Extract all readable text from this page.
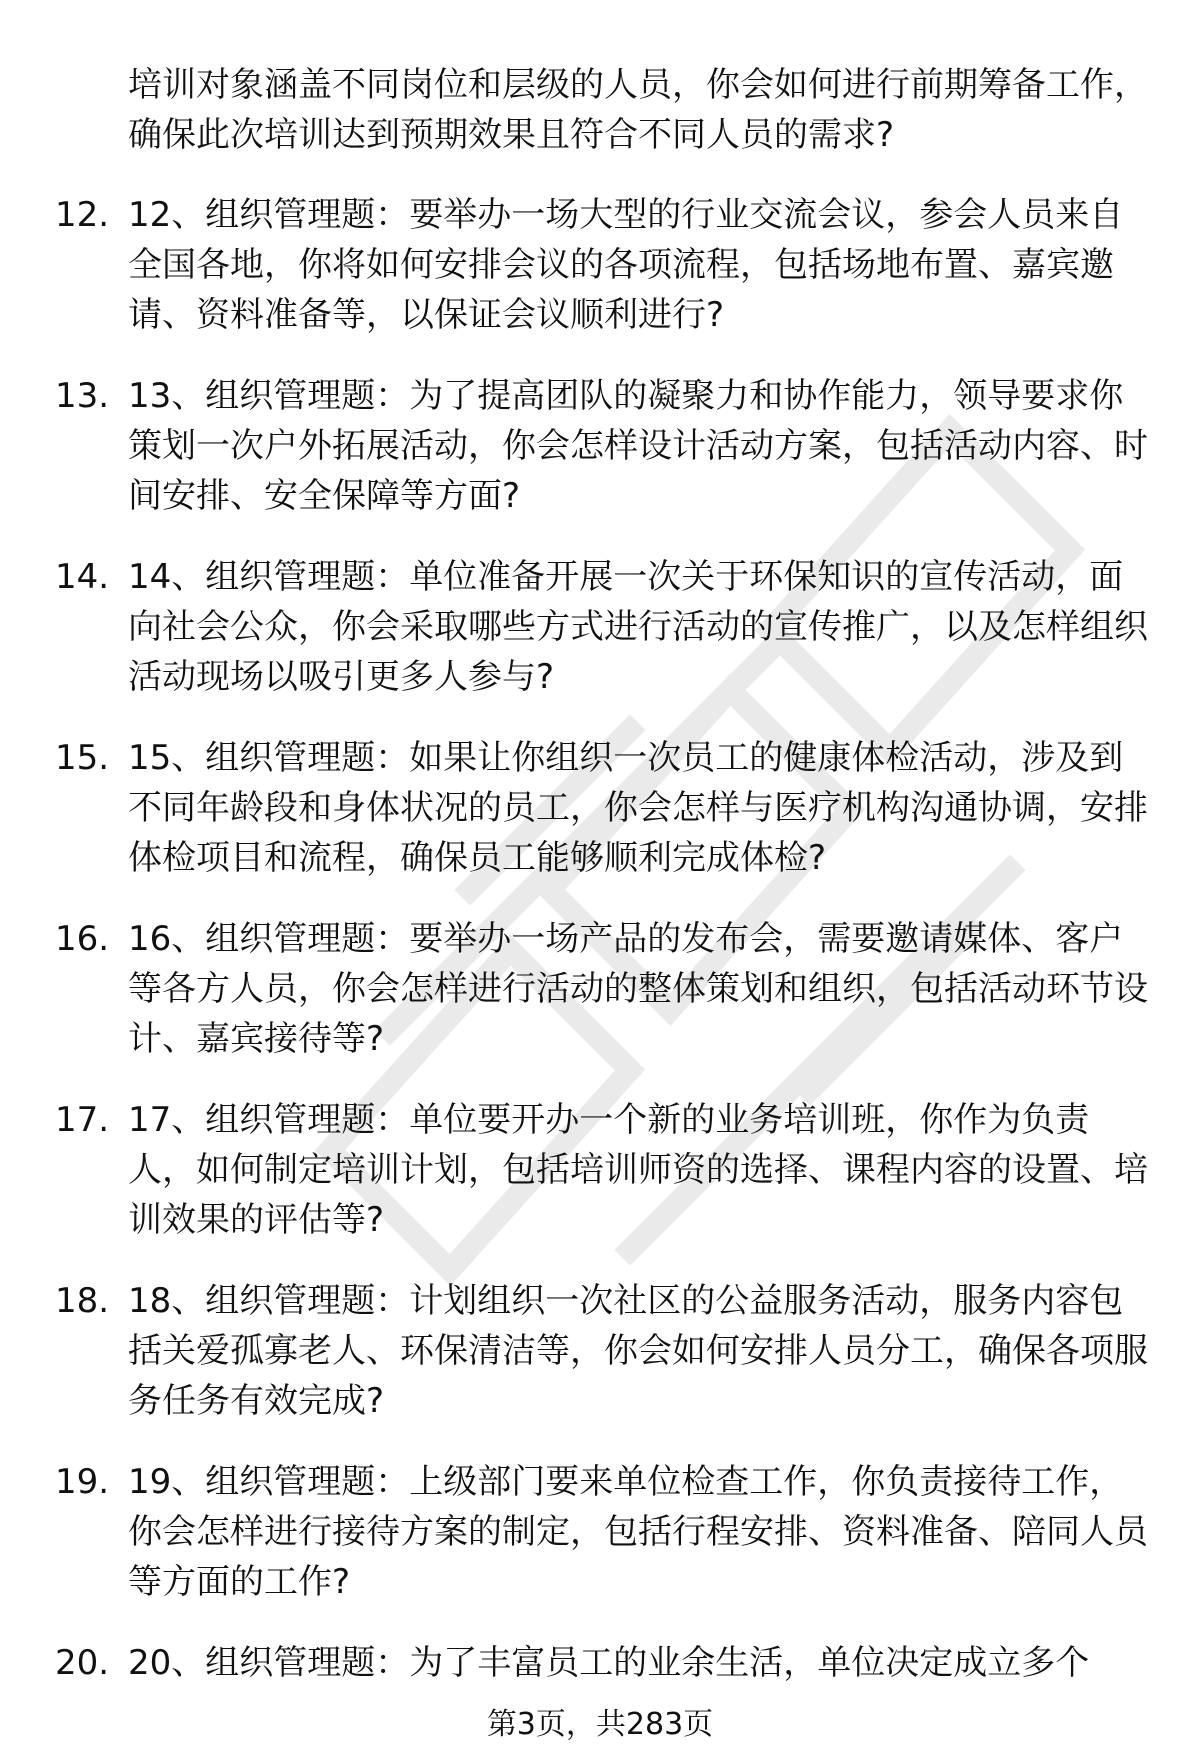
培训对象涵盖不同岗位和层级的人员，你会如何进行前期筹备工作，确保此次培训达到预期效果且符合不同人员的需求?

12. 12、组织管理题：要举办一场大型的行业交流会议，参会人员来自全国各地，你将如何安排会议的各项流程，包括场地布置、嘉宾邀请、资料准备等，以保证会议顺利进行?
13. 13、组织管理题：为了提高团队的凝聚力和协作能力，领导要求你策划一次户外拓展活动，你会怎样设计活动方案，包括活动内容、时间安排、安全保障等方面?
14. 14、组织管理题：单位准备开展一次关于环保知识的宣传活动，面向社会公众，你会采取哪些方式进行活动的宣传推广，以及怎样组织活动现场以吸引更多人参与?
15. 15、组织管理题：如果让你组织一次员工的健康体检活动，涉及到不同年龄段和身体状况的员工，你会怎样与医疗机构沟通协调，安排体检项目和流程，确保员工能够顺利完成体检?
16. 16、组织管理题：要举办一场产品的发布会，需要邀请媒体、客户等各方人员，你会怎样进行活动的整体策划和组织，包括活动环节设计、嘉宾接待等?
17. 17、组织管理题：单位要开办一个新的业务培训班，你作为负责人，如何制定培训计划，包括培训师资的选择、课程内容的设置、培训效果的评估等?
18. 18、组织管理题：计划组织一次社区的公益服务活动，服务内容包括关爱孤寡老人、环保清洁等，你会如何安排人员分工，确保各项服务任务有效完成?
19. 19、组织管理题：上级部门要来单位检查工作，你负责接待工作，你会怎样进行接待方案的制定，包括行程安排、资料准备、陪同人员等方面的工作?
20. 20、组织管理题：为了丰富员工的业余生活，单位决定成立多个
第3页，共283页
